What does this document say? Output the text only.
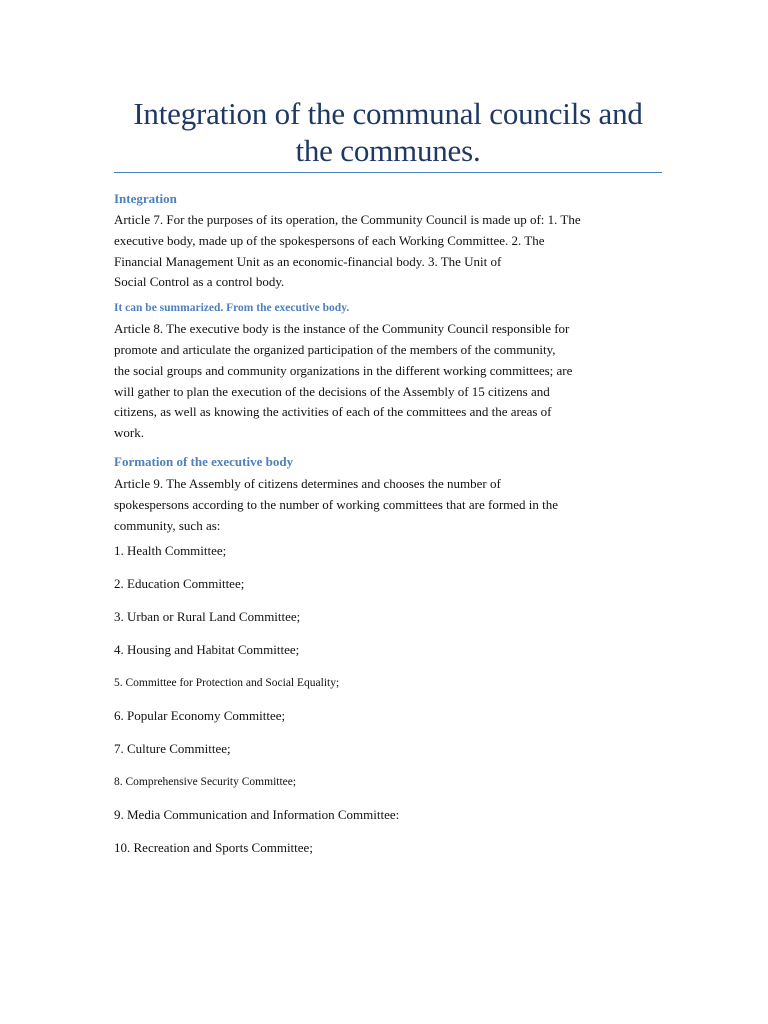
Integration of the communal councils and
the communes.

Integration

Article 7. For the purposes of its operation, the Community Council is made up of: 1. The
executive body, made up of the spokespersons of each Working Committee. 2. The
Financial Management Unit as an economic-financial body. 3. The Unit of
Social Control as a control body.

It can be summarized. From the executive body.

Article 8. The executive body is the instance of the Community Council responsible for
promote and articulate the organized participation of the members of the community,
the social groups and community organizations in the different working committees; are
will gather to plan the execution of the decisions of the Assembly of 15 citizens and
citizens, as well as knowing the activities of each of the committees and the areas of
work.

Formation of the executive body

Article 9. The Assembly of citizens determines and chooses the number of
spokespersons according to the number of working committees that are formed in the
community, such as:

1. Health Committee;

2. Education Committee;

3. Urban or Rural Land Committee;

4. Housing and Habitat Committee;

5. Committee for Protection and Social Equality;

6. Popular Economy Committee;

7. Culture Committee;

8. Comprehensive Security Committee;

9. Media Communication and Information Committee:

10. Recreation and Sports Committee;
